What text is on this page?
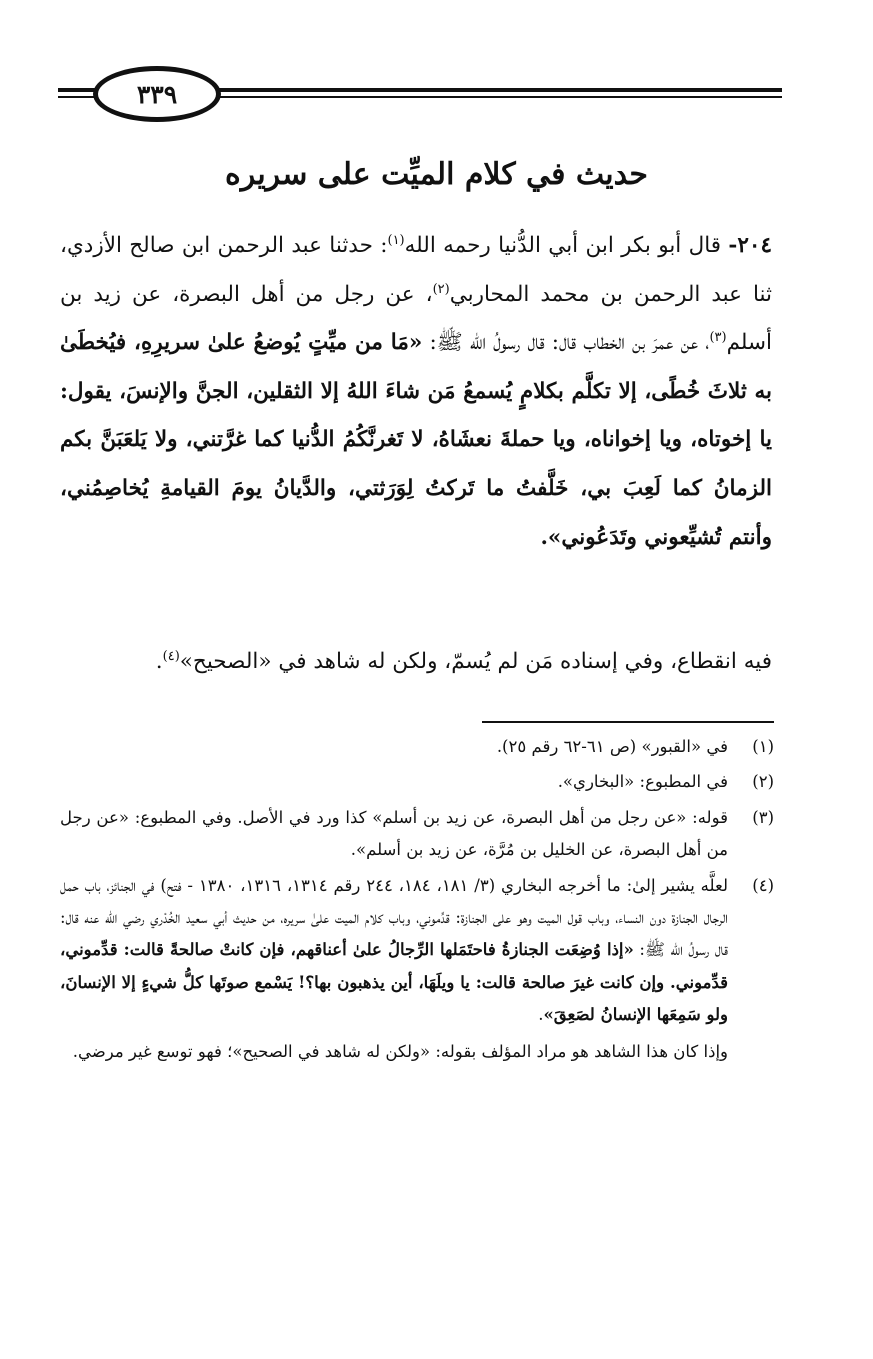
٣٣٩
حديث في كلام الميِّت على سريره

٢٠٤- قال أبو بكر ابن أبي الدُّنيا رحمه الله$^{(١)}$: حدثنا عبد الرحمن ابن صالح الأزدي، ثنا عبد الرحمن بن محمد المحاربي$^{(٢)}$، عن رجل من أهل البصرة، عن زيد بن أسلم$^{(٣)}$، عن عمرَ بن الخطاب قال: قال رسولُ الله ﷺ: «مَا من ميِّتٍ يُوضعُ علىٰ سريرِهِ، فيُخطَىٰ به ثلاثَ خُطًى، إلا تكلَّم بكلامٍ يُسمعُ مَن شاءَ اللهُ إلا الثقلين، الجنَّ والإنسَ، يقول: يا إخوتاه، ويا إخواناه، ويا حملةَ نعشَاهُ، لا تَغرنَّكُمُ الدُّنيا كما غرَّتني، ولا يَلعَبَنَّ بكم الزمانُ كما لَعِبَ بي، خَلَّفتُ ما تَركتُ لِوَرَثتي، والدَّيانُ يومَ القيامةِ يُخاصِمُني، وأنتم تُشيِّعوني وتَدَعُوني».

فيه انقطاع، وفي إسناده مَن لم يُسمّ، ولكن له شاهد في «الصحيح»$^{(٤)}$.

(١)
في «القبور» (ص ٦١-٦٢ رقم ٢٥).
(٢)
في المطبوع: «البخاري».
(٣)
قوله: «عن رجل من أهل البصرة، عن زيد بن أسلم» كذا ورد في الأصل. وفي المطبوع: «عن رجل من أهل البصرة، عن الخليل بن مُرَّة، عن زيد بن أسلم».
(٤)
لعلَّه يشير إلىٰ: ما أخرجه البخاري (٣/ ١٨١، ١٨٤، ٢٤٤ رقم ١٣١٤، ١٣١٦، ١٣٨٠ - فتح) في الجنائز، باب حمل الرجال الجنازة دون النساء، وباب قول الميت وهو على الجنازة: قدِّموني، وباب كلام الميت علىٰ سريره، من حديث أبي سعيد الخُدْري رضي الله عنه قال: قال رسولُ الله ﷺ: «إذا وُضِعَت الجنازةُ فاحتَمَلها الرِّجالُ علىٰ أعناقهم، فإن كانتْ صالحةً قالت: قدِّموني، قدِّموني. وإن كانت غيرَ صالحة قالت: يا ويلَهَا، أين يذهبون بها؟! يَسْمع صوتَها كلُّ شيءٍ إلا الإنسانَ، ولو سَمِعَها الإنسانُ لصَعِقَ».

وإذا كان هذا الشاهد هو مراد المؤلف بقوله: «ولكن له شاهد في الصحيح»؛ فهو توسع غير مرضي.
